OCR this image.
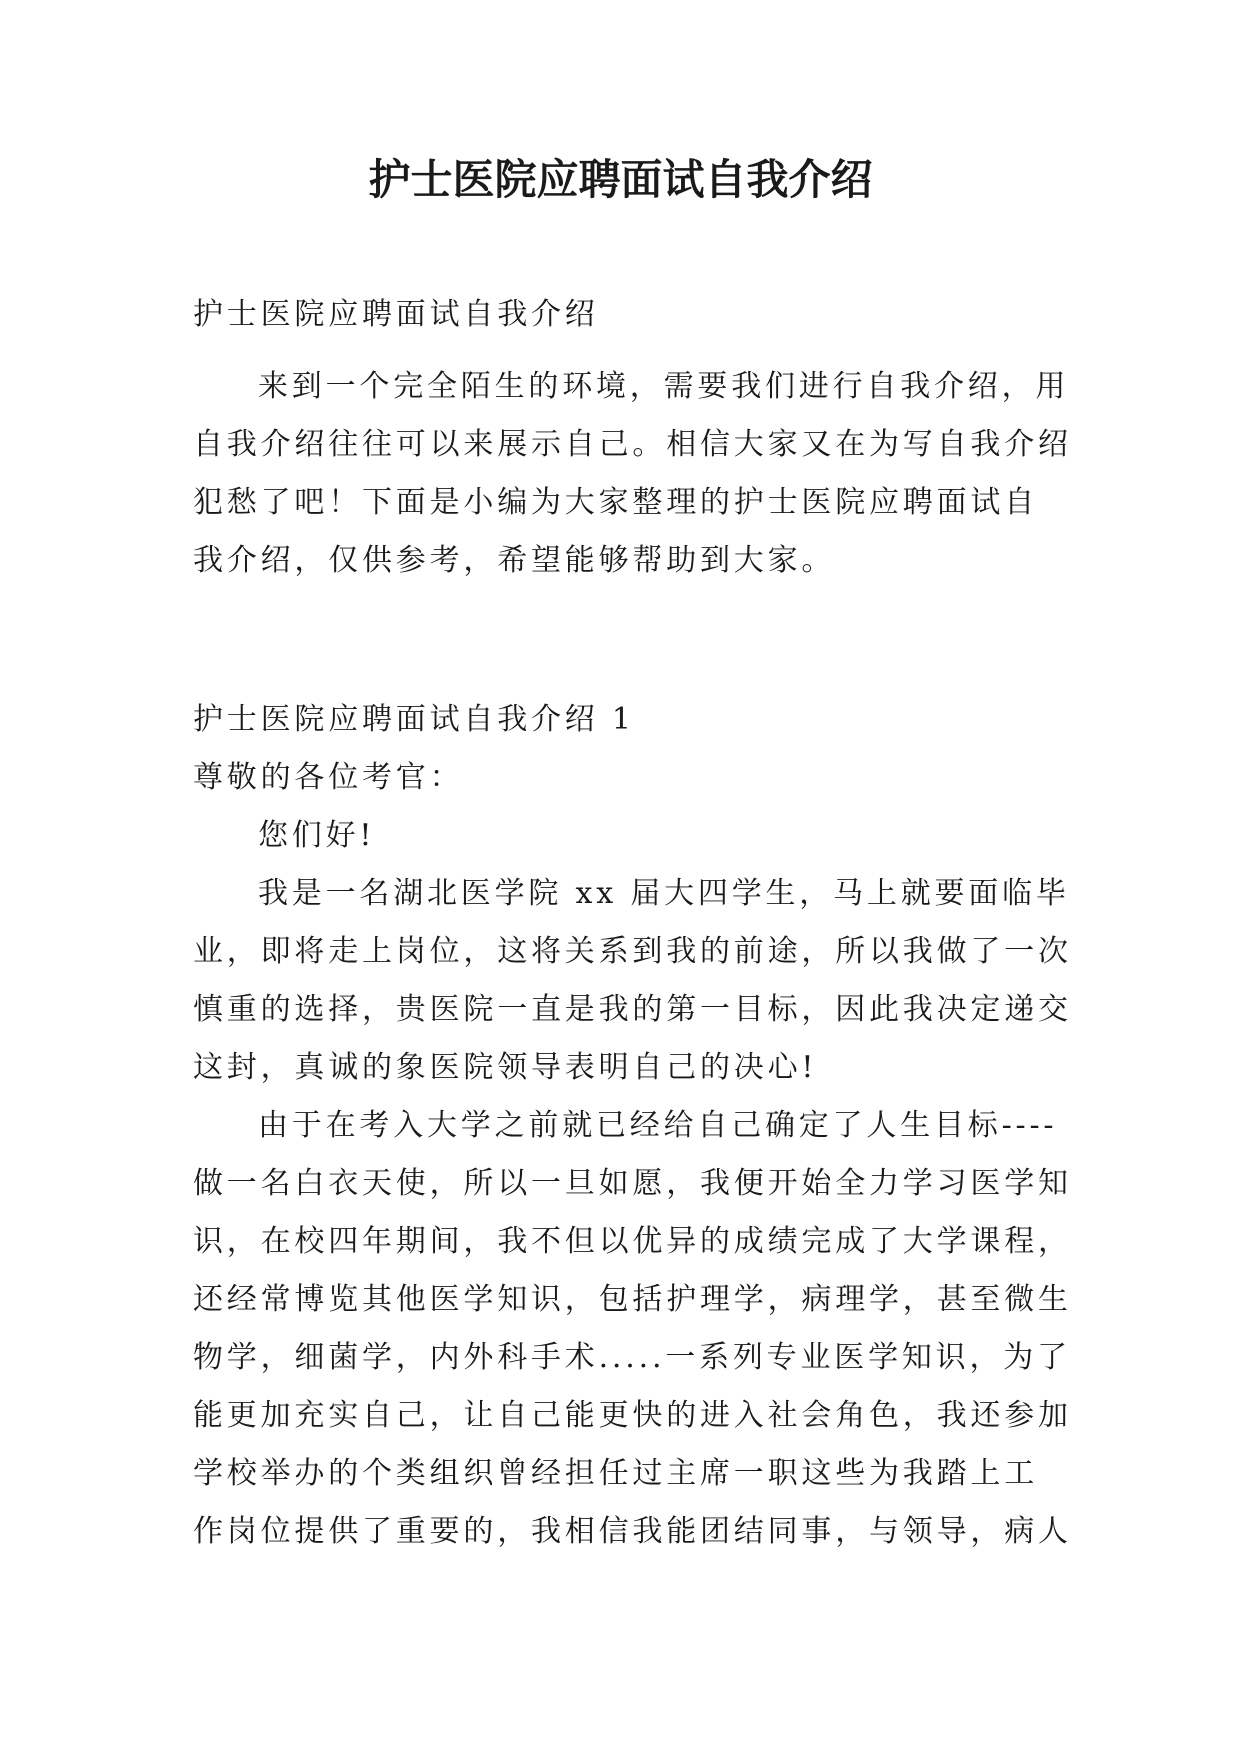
护士医院应聘面试自我介绍
护士医院应聘面试自我介绍
来到一个完全陌生的环境，需要我们进行自我介绍，用
自我介绍往往可以来展示自己。相信大家又在为写自我介绍
犯愁了吧！下面是小编为大家整理的护士医院应聘面试自
我介绍，仅供参考，希望能够帮助到大家。
护士医院应聘面试自我介绍 1
尊敬的各位考官：
您们好!
我是一名湖北医学院 xx 届大四学生，马上就要面临毕
业，即将走上岗位，这将关系到我的前途，所以我做了一次
慎重的选择，贵医院一直是我的第一目标，因此我决定递交
这封，真诚的象医院领导表明自己的决心!
由于在考入大学之前就已经给自己确定了人生目标----
做一名白衣天使，所以一旦如愿，我便开始全力学习医学知
识，在校四年期间，我不但以优异的成绩完成了大学课程，
还经常博览其他医学知识，包括护理学，病理学，甚至微生
物学，细菌学，内外科手术.....一系列专业医学知识，为了
能更加充实自己，让自己能更快的进入社会角色，我还参加
学校举办的个类组织曾经担任过主席一职这些为我踏上工
作岗位提供了重要的，我相信我能团结同事，与领导，病人
